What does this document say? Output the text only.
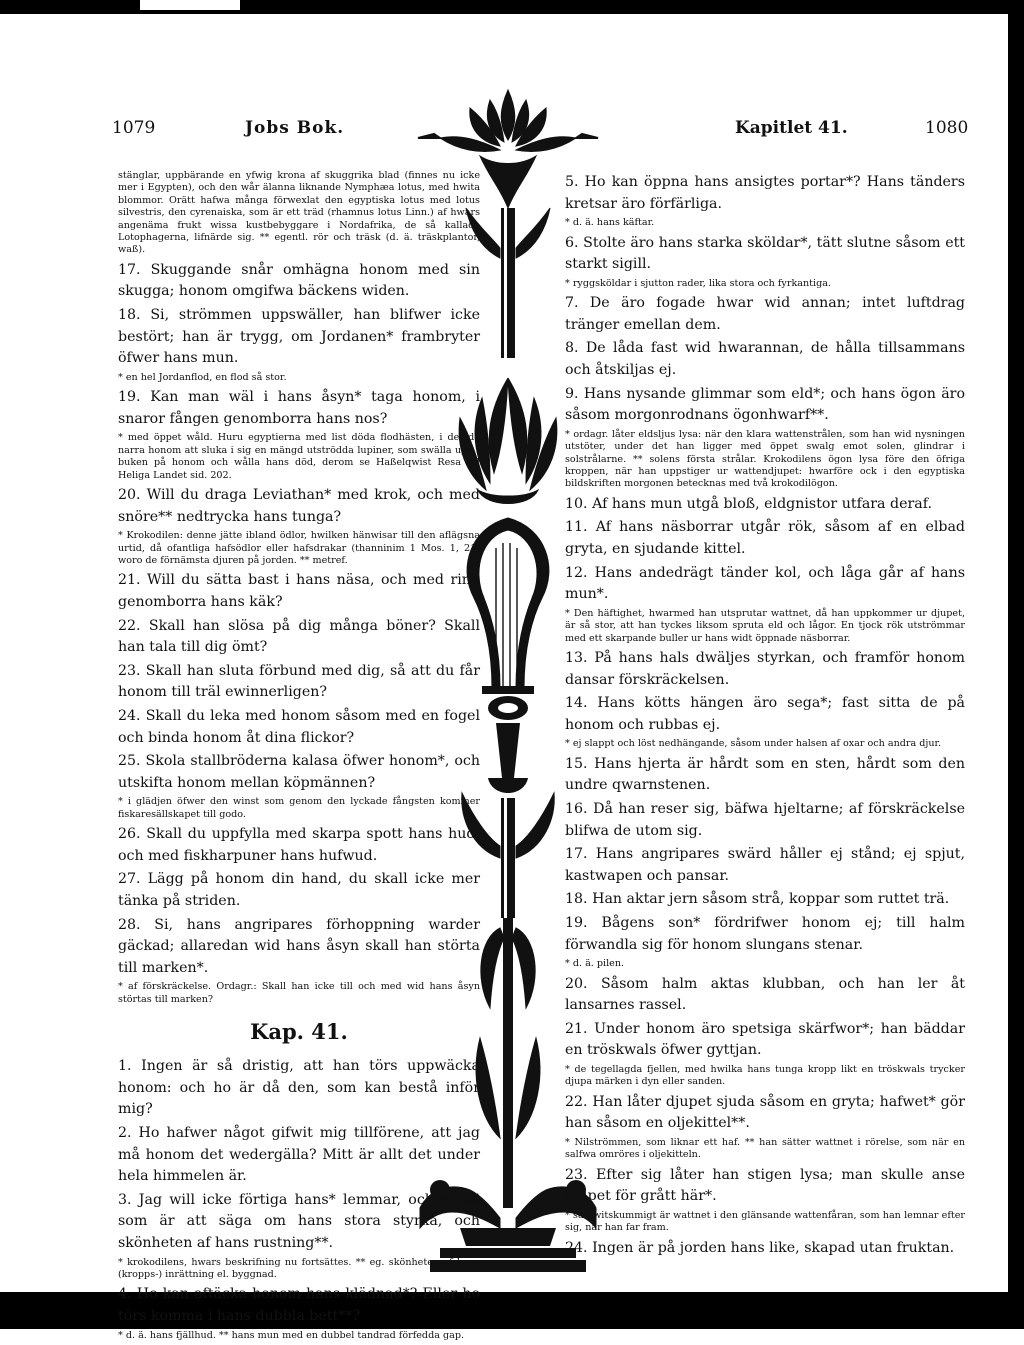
1079	Jobs Bok.	Kapitlet 41.	1080

stänglar, uppbärande en yfwig krona af skuggrika blad (finnes nu icke mer i Egypten), och den wår älanna liknande Nymphæa lotus, med hwita blommor. Orätt hafwa många förwexlat den egyptiska lotus med lotus silvestris, den cyrenaiska, som är ett träd (rhamnus lotus Linn.) af hwars angenäma frukt wissa kustbebyggare i Nordafrika, de så kallade Lotophagerna, lifnärde sig. ** egentl. rör och träsk (d. ä. träskplantor, waß).

17. Skuggande snår omhägna honom med sin skugga; honom omgifwa bäckens widen.

18. Si, strömmen uppswäller, han blifwer icke bestört; han är trygg, om Jordanen* frambryter öfwer hans mun.

* en hel Jordanflod, en flod så stor.

19. Kan man wäl i hans åsyn* taga honom, i snaror fången genomborra hans nos?

* med öppet wåld. Huru egyptierna med list döda flodhästen, i det de narra honom att sluka i sig en mängd utströdda lupiner, som swälla upp i buken på honom och wålla hans död, derom se Haßelqwist Resa till Heliga Landet sid. 202.

20. Will du draga Leviathan* med krok, och med snöre** nedtrycka hans tunga?

* Krokodilen: denne jätte ibland ödlor, hwilken hänwisar till den aflägsna urtid, då ofantliga hafsödlor eller hafsdrakar (thanninim 1 Mos. 1, 21) woro de förnämsta djuren på jorden. ** metref.

21. Will du sätta bast i hans näsa, och med ring genomborra hans käk?

22. Skall han slösa på dig många böner? Skall han tala till dig ömt?

23. Skall han sluta förbund med dig, så att du får honom till träl ewinnerligen?

24. Skall du leka med honom såsom med en fogel och binda honom åt dina flickor?

25. Skola stallbröderna kalasa öfwer honom*, och utskifta honom mellan köpmännen?

* i glädjen öfwer den winst som genom den lyckade fångsten kommer fiskaresällskapet till godo.

26. Skall du uppfylla med skarpa spott hans hud, och med fiskharpuner hans hufwud.

27. Lägg på honom din hand, du skall icke mer tänka på striden.

28. Si, hans angripares förhoppning warder gäckad; allaredan wid hans åsyn skall han störta till marken*.

* af förskräckelse. Ordagr.: Skall han icke till och med wid hans åsyn störtas till marken?

Kap. 41.

1. Ingen är så dristig, att han törs uppwäcka honom: och ho är då den, som kan bestå inför mig?

2. Ho hafwer något gifwit mig tillförene, att jag må honom det wedergälla? Mitt är allt det under hela himmelen är.

3. Jag will icke förtiga hans* lemmar, och hwad som är att säga om hans stora styrka, och skönheten af hans rustning**.

* krokodilens, hwars beskrifning nu fortsättes. ** eg. skönheten af hans (kropps-) inrättning el. byggnad.

4. Ho kan aftäcka honom hans klädnad*? Eller ho törs komma i hans dubbla bett**?

* d. ä. hans fjällhud. ** hans mun med en dubbel tandrad förfedda gap.

5. Ho kan öppna hans ansigtes portar*? Hans tänders kretsar äro förfärliga.

* d. ä. hans käftar.

6. Stolte äro hans starka sköldar*, tätt slutne såsom ett starkt sigill.

* ryggsköldar i sjutton rader, lika stora och fyrkantiga.

7. De äro fogade hwar wid annan; intet luftdrag tränger emellan dem.

8. De låda fast wid hwarannan, de hålla tillsammans och åtskiljas ej.

9. Hans nysande glimmar som eld*; och hans ögon äro såsom morgonrodnans ögonhwarf**.

* ordagr. låter eldsljus lysa: när den klara wattenstrålen, som han wid nysningen utstöter, under det han ligger med öppet swalg emot solen, glindrar i solstrålarne. ** solens första strålar. Krokodilens ögon lysa före den öfriga kroppen, när han uppstiger ur wattendjupet: hwarföre ock i den egyptiska bildskriften morgonen betecknas med två krokodilögon.

10. Af hans mun utgå bloß, eldgnistor utfara deraf.

11. Af hans näsborrar utgår rök, såsom af en elbad gryta, en sjudande kittel.

12. Hans andedrägt tänder kol, och låga går af hans mun*.

* Den häftighet, hwarmed han utsprutar wattnet, då han uppkommer ur djupet, är så stor, att han tyckes liksom spruta eld och lågor. En tjock rök utströmmar med ett skarpande buller ur hans widt öppnade näsborrar.

13. På hans hals dwäljes styrkan, och framför honom dansar förskräckelsen.

14. Hans kötts hängen äro sega*; fast sitta de på honom och rubbas ej.

* ej slappt och löst nedhängande, såsom under halsen af oxar och andra djur.

15. Hans hjerta är hårdt som en sten, hårdt som den undre qwarnstenen.

16. Då han reser sig, bäfwa hjeltarne; af förskräckelse blifwa de utom sig.

17. Hans angripares swärd håller ej stånd; ej spjut, kastwapen och pansar.

18. Han aktar jern såsom strå, koppar som ruttet trä.

19. Bågens son* fördrifwer honom ej; till halm förwandla sig för honom slungans stenar.

* d. ä. pilen.

20. Såsom halm aktas klubban, och han ler åt lansarnes rassel.

21. Under honom äro spetsiga skärfwor*; han bäddar en tröskwals öfwer gyttjan.

* de tegellagda fjellen, med hwilka hans tunga kropp likt en tröskwals trycker djupa märken i dyn eller sanden.

22. Han låter djupet sjuda såsom en gryta; hafwet* gör han såsom en oljekittel**.

* Nilströmmen, som liknar ett haf. ** han sätter wattnet i rörelse, som när en salfwa omröres i oljekitteln.

23. Efter sig låter han stigen lysa; man skulle anse djupet för grått här*.

* så hwitskummigt är wattnet i den glänsande wattenfåran, som han lemnar efter sig, när han far fram.

24. Ingen är på jorden hans like, skapad utan fruktan.
